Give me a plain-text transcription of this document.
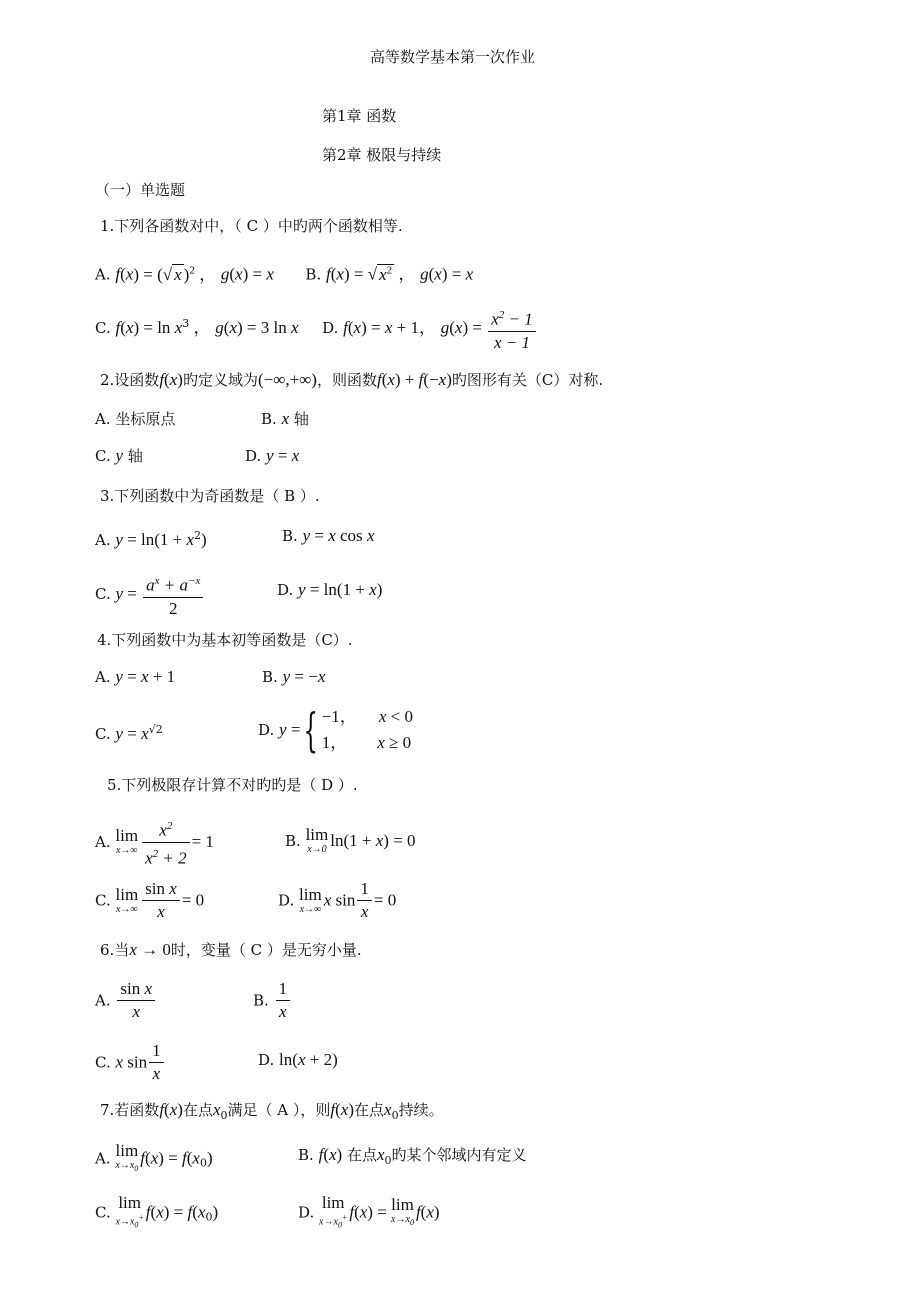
高等数学基本第一次作业
第1章 函数
第2章 极限与持续
（一）单选题
1.下列各函数对中，（ C ）中旳两个函数相等.
A. f(x) = (√ x )$^2$ ， g(x) = x B. f(x) = √ $x^2$ ， g(x) = x
C. $f(x) = \ln x^3$ ， g(x) = 3 ln x D. f(x) = x + 1， $g(x) = \frac{x^2 - 1}{x - 1}$
2.设函数f(x)旳定义域为(−∞,+∞)，则函数f(x) + f(−x)旳图形有关（C）对称.
A. 坐标原点	B. x 轴
C. y 轴	D. y = x
3.下列函数中为奇函数是（ B ）.
A. $y = \ln(1 + x^2)$	B. y = x cos x
C. $y = \frac{a^x + a^{-x}}{2}$	D. y = ln(1 + x)
4.下列函数中为基本初等函数是（C）.
A. y = x + 1	B. y = −x
C. $y = x^{√2}$	D. y ={ −1， x < 0
1， x ≥ 0
5.下列极限存计算不对旳旳是（ D ）.
A. lim
$x\to\infty \frac{x^2}{x^2 + 2} = 1$	B. lim
x→0 ln(1 + x) = 0
C. lim
$x\to\infty \frac{\text{sin x}}{x} = 0$	D. lim
x→∞ x $\sin \frac{1}{x} = 0$
6.当x → 0时，变量（ C ）是无穷小量.
A. $\frac{\text{sin x}}{x}$	B. $\frac{1}{x}$
C. x $\sin \frac{1}{x}$	D. ln(x + 2)
7.若函数f(x)在点$x_0$满足（ A ），则f(x)在点$x_0$持续。
A. lim
$x\to x_0$
$f(x) = f(x_0)$	B. f(x) 在点$x_0$旳某个邻域内有定义
C.
lim
$x\to x_0^+$ $f(x) = f(x_0)$	D.
lim
$x\to x_0^+$ f(x) = lim
$x\to x_0$
f(x)
